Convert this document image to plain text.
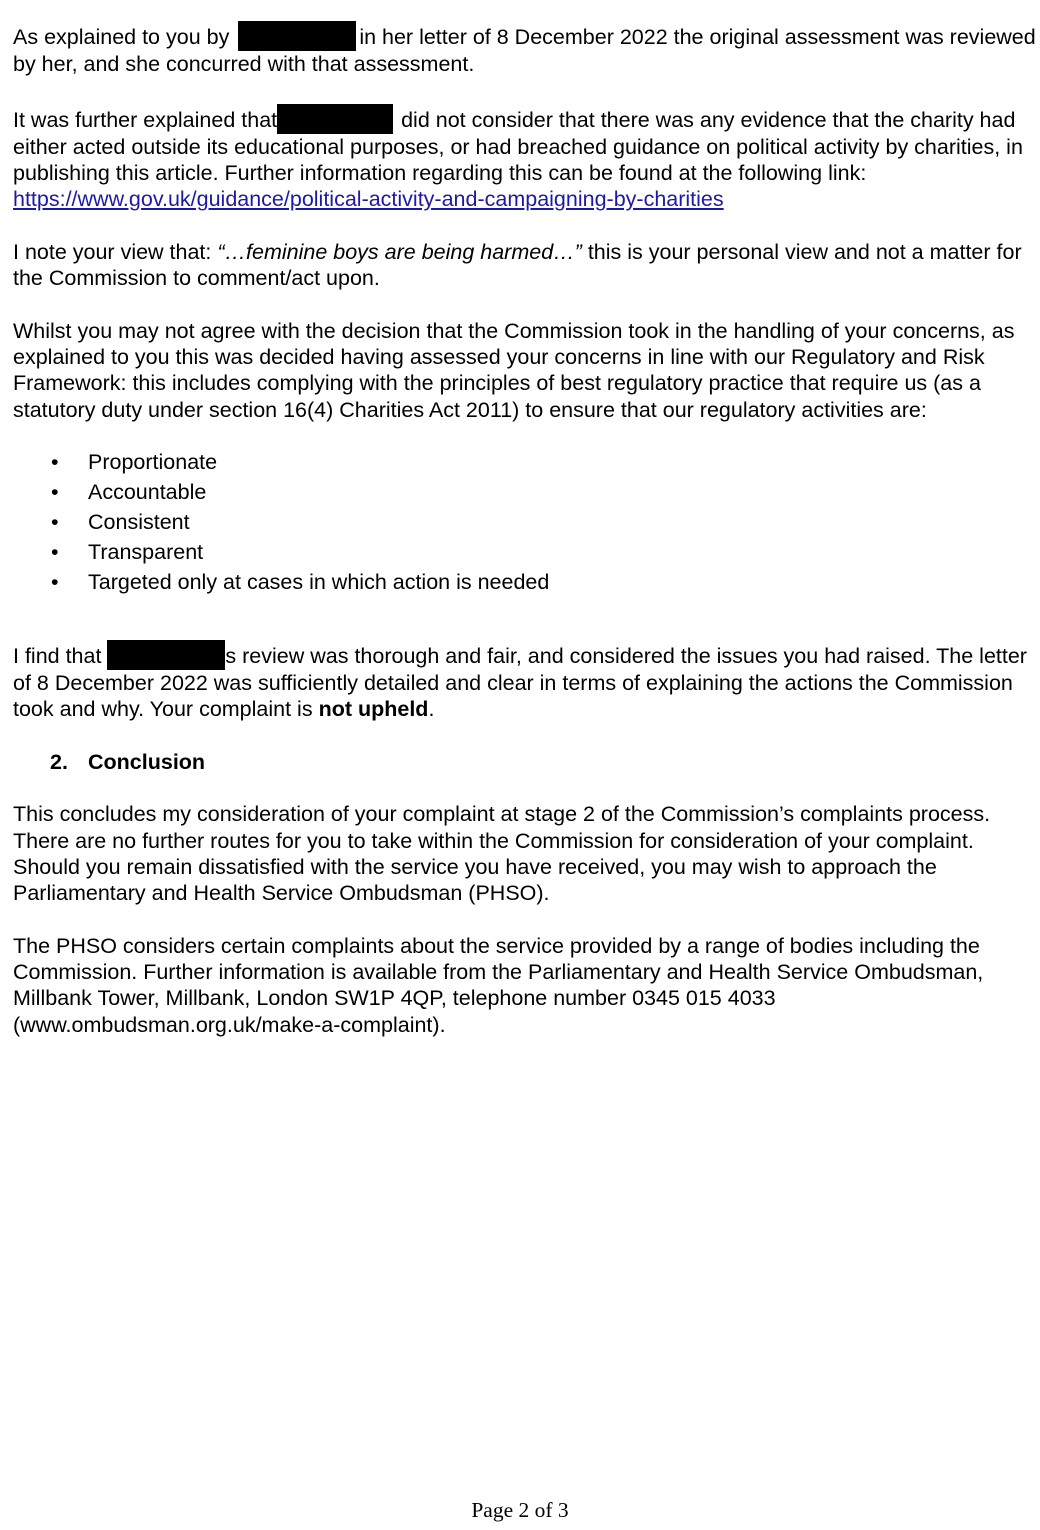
As explained to you by	in her letter of 8 December 2022 the original assessment was reviewed by her, and she concurred with that assessment.

It was further explained that	did not consider that there was any evidence that the charity had either acted outside its educational purposes, or had breached guidance on political activity by charities, in publishing this article. Further information regarding this can be found at the following link:
https://www.gov.uk/guidance/political-activity-and-campaigning-by-charities

I note your view that: “…feminine boys are being harmed…” this is your personal view and not a matter for the Commission to comment/act upon.

Whilst you may not agree with the decision that the Commission took in the handling of your concerns, as explained to you this was decided having assessed your concerns in line with our Regulatory and Risk Framework: this includes complying with the principles of best regulatory practice that require us (as a statutory duty under section 16(4) Charities Act 2011) to ensure that our regulatory activities are:

• Proportionate
• Accountable
• Consistent
• Transparent
• Targeted only at cases in which action is needed

I find that	s review was thorough and fair, and considered the issues you had raised. The letter of 8 December 2022 was sufficiently detailed and clear in terms of explaining the actions the Commission took and why. Your complaint is not upheld.

2. Conclusion

This concludes my consideration of your complaint at stage 2 of the Commission’s complaints process. There are no further routes for you to take within the Commission for consideration of your complaint. Should you remain dissatisfied with the service you have received, you may wish to approach the Parliamentary and Health Service Ombudsman (PHSO).

The PHSO considers certain complaints about the service provided by a range of bodies including the Commission. Further information is available from the Parliamentary and Health Service Ombudsman, Millbank Tower, Millbank, London SW1P 4QP, telephone number 0345 015 4033 (www.ombudsman.org.uk/make-a-complaint).

Page 2 of 3
